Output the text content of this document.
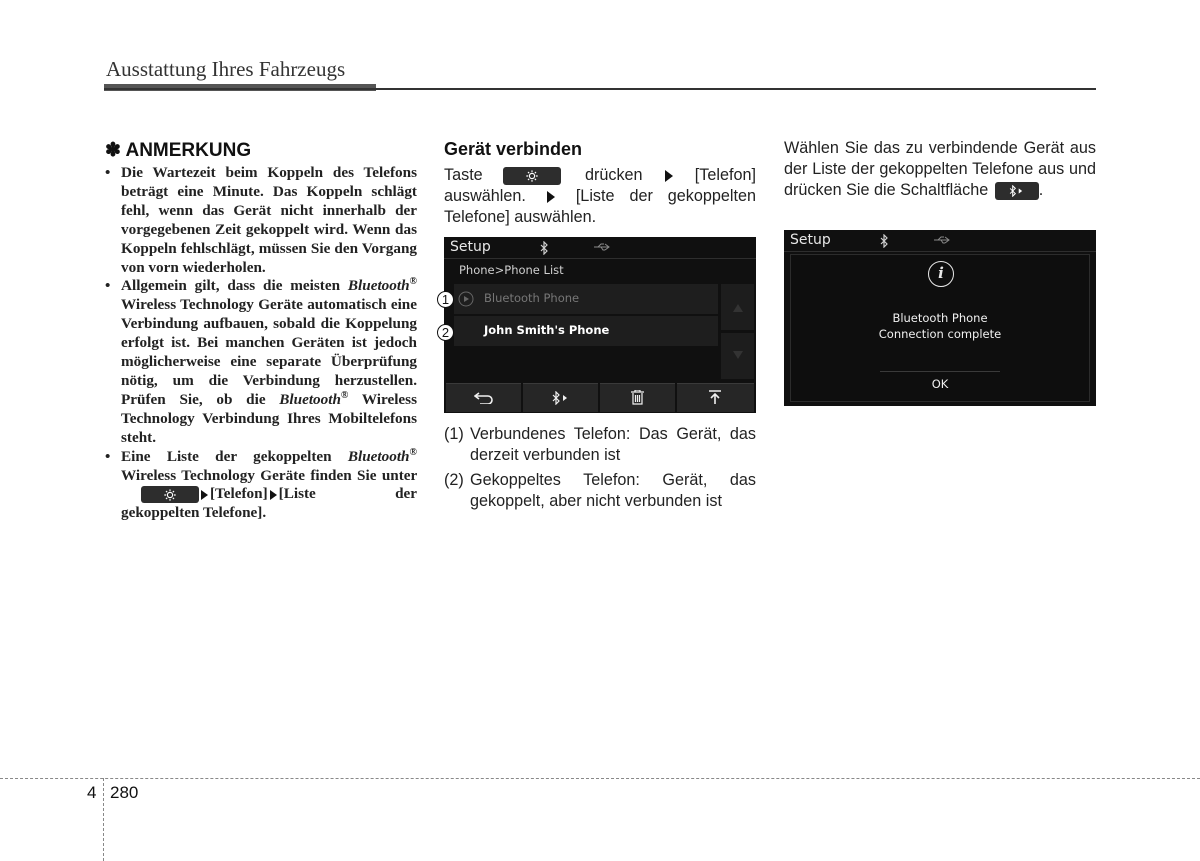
Ausstattung Ihres Fahrzeugs
✽ ANMERKUNG
• Die Wartezeit beim Koppeln des Telefons beträgt eine Minute. Das Koppeln schlägt fehl, wenn das Gerät nicht innerhalb der vorgegebenen Zeit gekoppelt wird. Wenn das Koppeln fehlschlägt, müssen Sie den Vorgang von vorn wiederholen.
• Allgemein gilt, dass die meisten Bluetooth® Wireless Technology Geräte automatisch eine Verbindung aufbauen, sobald die Koppelung erfolgt ist. Bei manchen Geräten ist jedoch möglicherweise eine separate Überprüfung nötig, um die Verbindung herzustellen. Prüfen Sie, ob die Bluetooth® Wireless Technology Verbindung Ihres Mobiltelefons steht.
• Eine Liste der gekoppelten Bluetooth® Wireless Technology Geräte finden Sie unter
[Telefon] [Liste der gekoppelten Telefone].
Gerät verbinden
Taste	drücken	[Telefon] auswählen.	[Liste der gekoppelten Telefone] auswählen.
Setup
Phone>Phone List
Bluetooth Phone
John Smith's Phone
1
2
(1) Verbundenes Telefon: Das Gerät, das derzeit verbunden ist
(2) Gekoppeltes Telefon: Gerät, das gekoppelt, aber nicht verbunden ist
Wählen Sie das zu verbindende Gerät aus der Liste der gekoppelten Telefone aus und drücken Sie die Schaltfläche	.
Setup
i
Bluetooth Phone
Connection complete
OK
4 280
